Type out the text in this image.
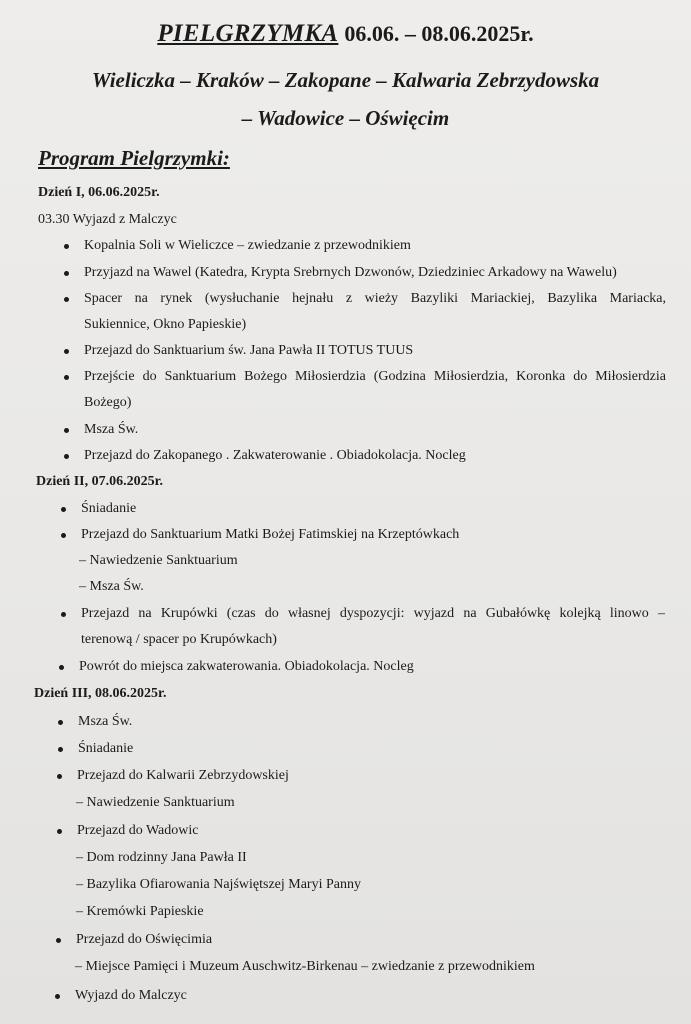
PIELGRZYMKA 06.06. – 08.06.2025r.
Wieliczka – Kraków – Zakopane – Kalwaria Zebrzydowska
– Wadowice – Oświęcim
Program Pielgrzymki:
Dzień I, 06.06.2025r.
03.30 Wyjazd z Malczyc
Kopalnia Soli w Wieliczce – zwiedzanie z przewodnikiem
Przyjazd na Wawel (Katedra, Krypta Srebrnych Dzwonów, Dziedziniec Arkadowy na Wawelu)
Spacer na rynek (wysłuchanie hejnału z wieży Bazyliki Mariackiej, Bazylika Mariacka,
Sukiennice, Okno Papieskie)
Przejazd do Sanktuarium św. Jana Pawła II TOTUS TUUS
Przejście do Sanktuarium Bożego Miłosierdzia (Godzina Miłosierdzia, Koronka do Miłosierdzia
Bożego)
Msza Św.
Przejazd do Zakopanego . Zakwaterowanie . Obiadokolacja. Nocleg
Dzień II, 07.06.2025r.
Śniadanie
Przejazd do Sanktuarium Matki Bożej Fatimskiej na Krzeptówkach
– Nawiedzenie Sanktuarium
– Msza Św.
Przejazd na Krupówki (czas do własnej dyspozycji: wyjazd na Gubałówkę kolejką linowo –
terenową / spacer po Krupówkach)
Powrót do miejsca zakwaterowania. Obiadokolacja. Nocleg
Dzień III, 08.06.2025r.
Msza Św.
Śniadanie
Przejazd do Kalwarii Zebrzydowskiej
– Nawiedzenie Sanktuarium
Przejazd do Wadowic
– Dom rodzinny Jana Pawła II
– Bazylika Ofiarowania Najświętszej Maryi Panny
– Kremówki Papieskie
Przejazd do Oświęcimia
– Miejsce Pamięci i Muzeum Auschwitz-Birkenau – zwiedzanie z przewodnikiem
Wyjazd do Malczyc
